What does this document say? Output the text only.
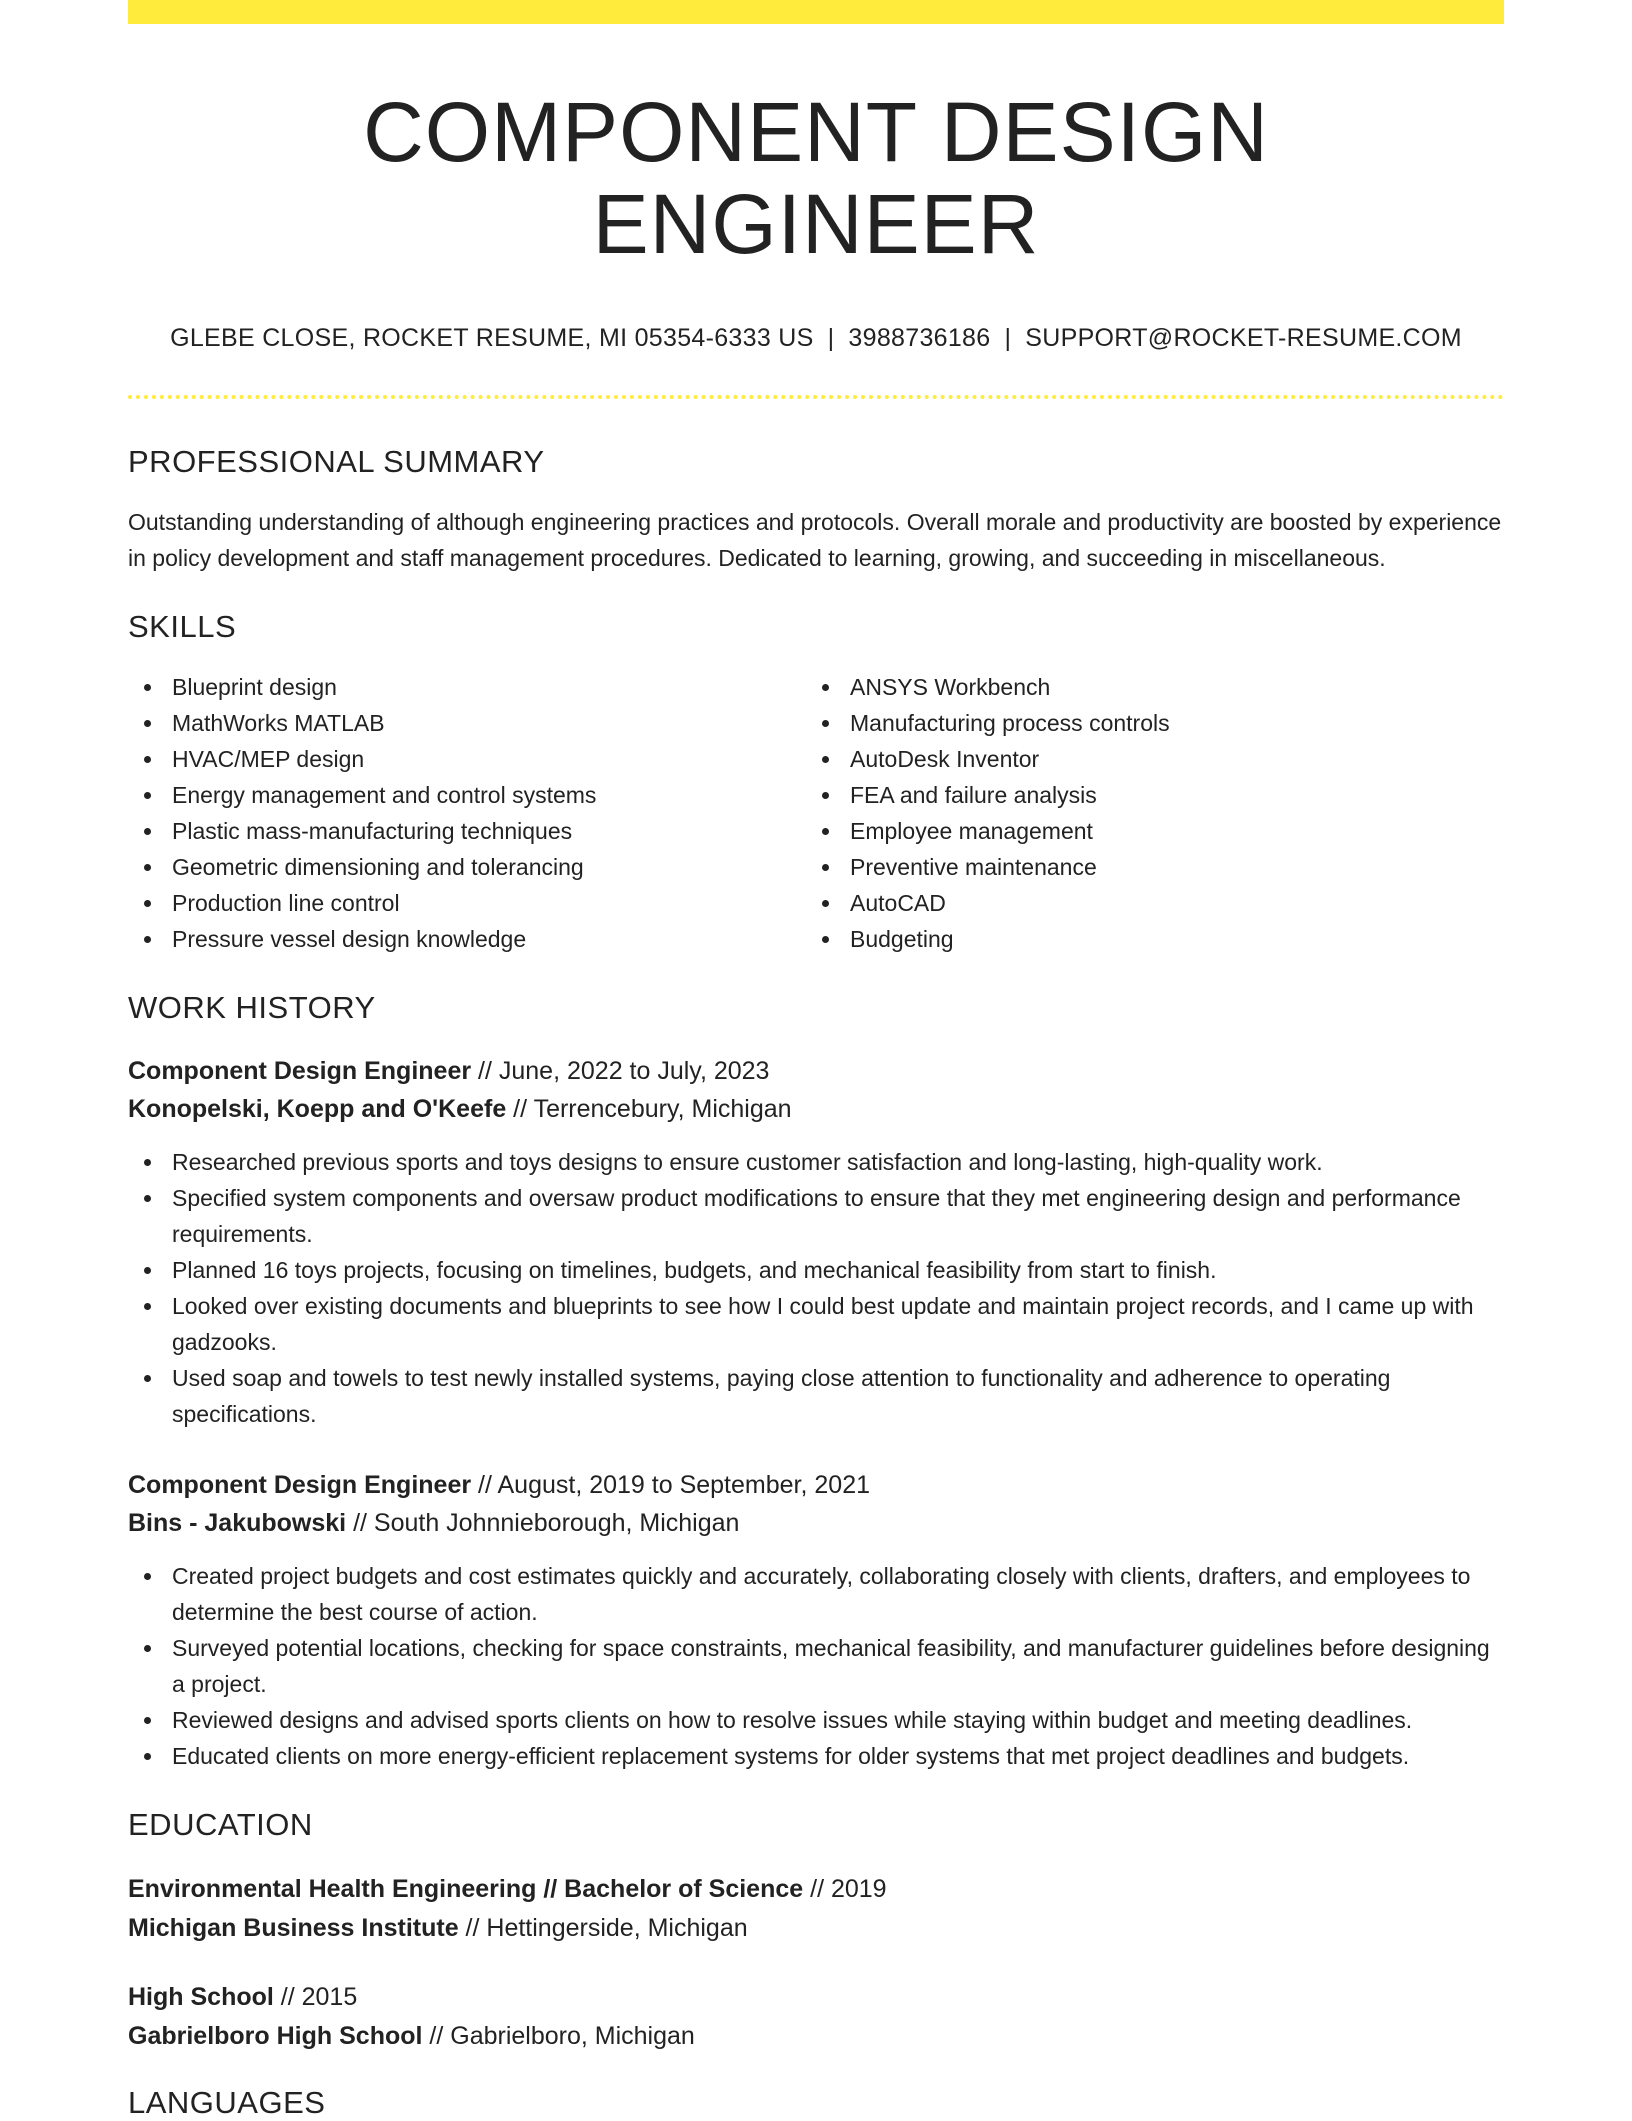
COMPONENT DESIGN ENGINEER
GLEBE CLOSE, ROCKET RESUME, MI 05354-6333 US | 3988736186 | SUPPORT@ROCKET-RESUME.COM
PROFESSIONAL SUMMARY

Outstanding understanding of although engineering practices and protocols. Overall morale and productivity are boosted by experience in policy development and staff management procedures. Dedicated to learning, growing, and succeeding in miscellaneous.

SKILLS
Blueprint design
MathWorks MATLAB
HVAC/MEP design
Energy management and control systems
Plastic mass-manufacturing techniques
Geometric dimensioning and tolerancing
Production line control
Pressure vessel design knowledge
ANSYS Workbench
Manufacturing process controls
AutoDesk Inventor
FEA and failure analysis
Employee management
Preventive maintenance
AutoCAD
Budgeting
WORK HISTORY
Component Design Engineer // June, 2022 to July, 2023
Konopelski, Koepp and O'Keefe // Terrencebury, Michigan
Researched previous sports and toys designs to ensure customer satisfaction and long-lasting, high-quality work.
Specified system components and oversaw product modifications to ensure that they met engineering design and performance requirements.
Planned 16 toys projects, focusing on timelines, budgets, and mechanical feasibility from start to finish.
Looked over existing documents and blueprints to see how I could best update and maintain project records, and I came up with gadzooks.
Used soap and towels to test newly installed systems, paying close attention to functionality and adherence to operating specifications.
Component Design Engineer // August, 2019 to September, 2021
Bins - Jakubowski // South Johnnieborough, Michigan
Created project budgets and cost estimates quickly and accurately, collaborating closely with clients, drafters, and employees to determine the best course of action.
Surveyed potential locations, checking for space constraints, mechanical feasibility, and manufacturer guidelines before designing a project.
Reviewed designs and advised sports clients on how to resolve issues while staying within budget and meeting deadlines.
Educated clients on more energy-efficient replacement systems for older systems that met project deadlines and budgets.
EDUCATION
Environmental Health Engineering // Bachelor of Science // 2019
Michigan Business Institute // Hettingerside, Michigan
High School // 2015
Gabrielboro High School // Gabrielboro, Michigan
LANGUAGES
